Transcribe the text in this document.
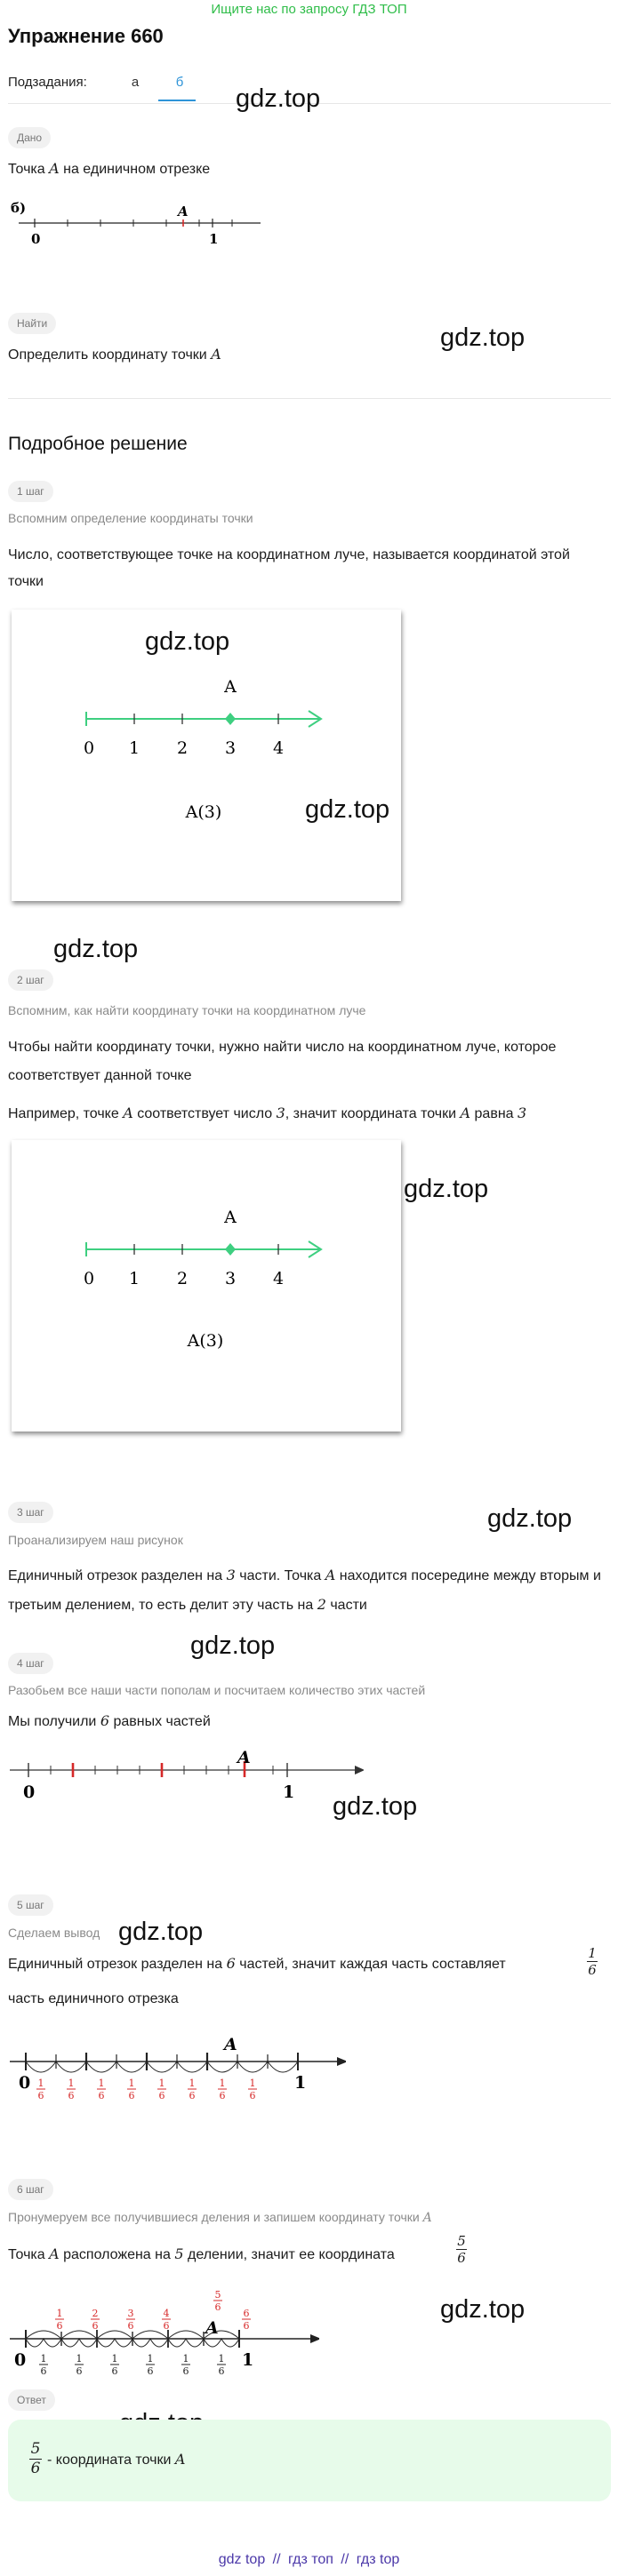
Ищите нас по запросу ГДЗ ТОП
Упражнение 660
Подзадания:	а	б
gdz.top
Дано
Точка A на единичном отрезке
б)	A
0	1
Найти	gdz.top
Определить координату точки A
Подробное решение
1 шаг
Вспомним определение координаты точки
Число, соответствующее точке на координатном луче, называется координатой этой точки
A
0 1 2 3 4
A(3)
gdz.top
gdz.top
gdz.top
2 шаг
Вспомним, как найти координату точки на координатном луче
Чтобы найти координату точки, нужно найти число на координатном луче, которое соответствует данной точке
Например, точке A соответствует число 3, значит координата точки A равна 3
A
0 1 2 3 4
A(3)
gdz.top
3 шаг	gdz.top
Проанализируем наш рисунок
Единичный отрезок разделен на 3 части. Точка A находится посередине между вторым и третьим делением, то есть делит эту часть на 2 части
gdz.top
4 шаг
Разобьем все наши части пополам и посчитаем количество этих частей
Мы получили 6 равных частей
A
0	1 gdz.top
5 шаг
Сделаем вывод gdz.top
Единичный отрезок разделен на 6 частей, значит каждая часть составляет
1
6
часть единичного отрезка
A
0	1
1
6
1
6
1
6
1
6
1
6
1
6
1
6
1
6
6 шаг
Пронумеруем все получившиеся деления и запишем координату точки A
Точка A расположена на 5 делении, значит ее координата
5
6
gdz.top
A
0	1
1
6
2
6
3
6
4
6
5
6
6
6
1
6
1
6
1
6
1
6
1
6
1
6
Ответ
5
6 - координата точки A
gdz top // гдз топ // гдз top
